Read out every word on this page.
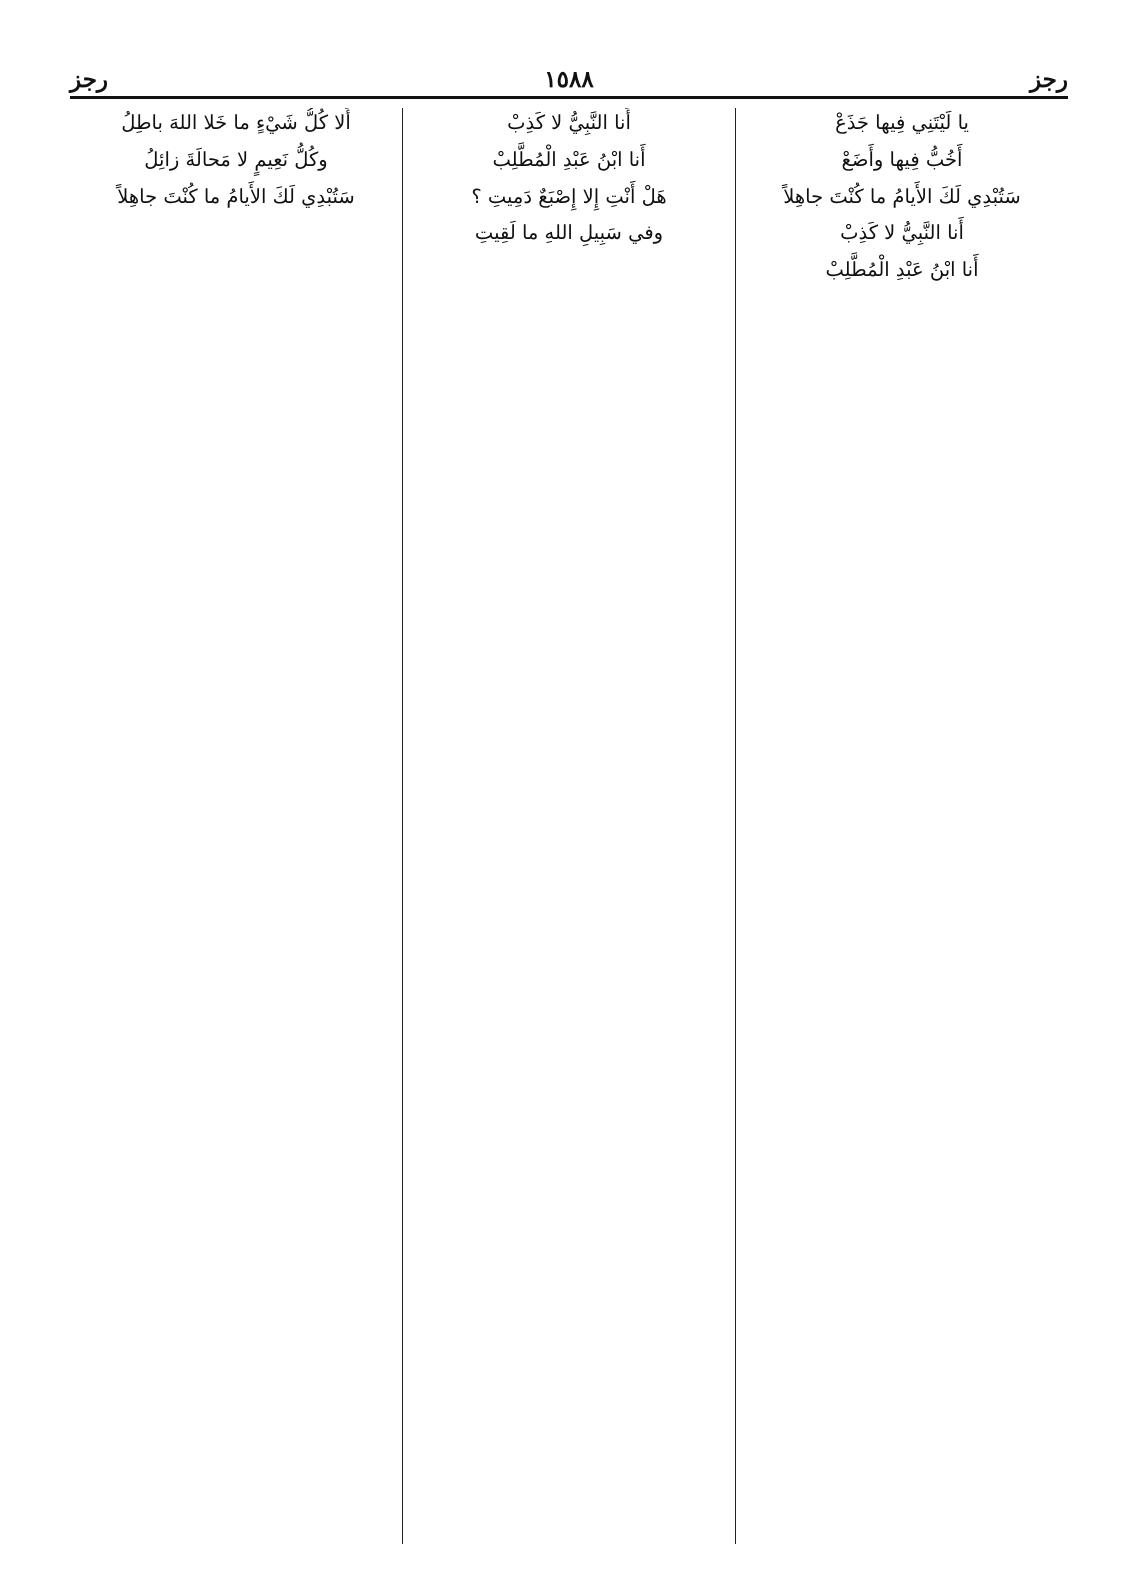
رجز
١٥٨٨
رجز

يا لَيْتَنِي فِيها جَذَعْ

أَخُبُّ فِيها وأَضَعْ

سَتُبْدِي لَكَ الأَيامُ ما كُنْتَ جاهِلاً

أَنا النَّبِيُّ لا كَذِبْ

أَنا ابْنُ عَبْدِ الْمُطَّلِبْ

أَنا النَّبِيُّ لا كَذِبْ

أَنا ابْنُ عَبْدِ الْمُطَّلِبْ

هَلْ أَنْتِ إِلا إِصْبَعٌ دَمِيتِ ؟

وفي سَبِيلِ اللهِ ما لَقِيتِ

أَلا كُلُّ شَيْءٍ ما خَلا اللهَ باطِلُ

وكُلُّ نَعِيمٍ لا مَحالَةَ زائِلُ

سَتُبْدِي لَكَ الأَيامُ ما كُنْتَ جاهِلاً
